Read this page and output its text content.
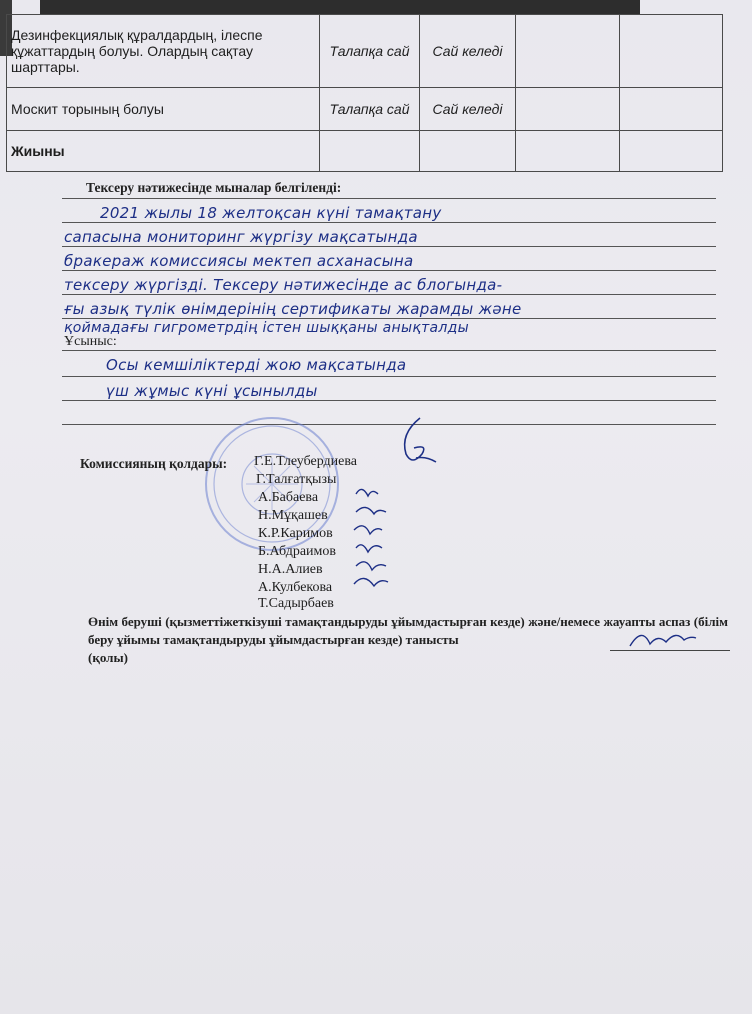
Дезинфекциялық құралдардың, ілеспе құжаттардың болуы. Олардың сақтау шарттары.	Талапқа сай	Сай келеді		
Москит торының болуы	Талапқа сай	Сай келеді		
Жиыны				
Тексеру нәтижесінде мыналар белгіленді:
2021 жылы 18 желтоқсан күні тамақтану
сапасына мониторинг жүргізу мақсатында
бракераж комиссиясы мектеп асханасына
тексеру жүргізді. Тексеру нәтижесінде ас блогында-
ғы азық түлік өнімдерінің сертификаты жарамды және
қоймадағы гигрометрдің істен шыққаны анықталды
Ұсыныс:
Осы кемшіліктерді жою мақсатында
үш жұмыс күні ұсынылды
Комиссияның қолдары: Г.Е.Тлеубердиева
Г.Талғатқызы
А.Бабаева
Н.Мұқашев
К.Р.Каримов
Б.Абдраимов
Н.А.Алиев
А.Кулбекова
Т.Садырбаев
Өнім беруші (қызметтіжеткізуші тамақтандыруды ұйымдастырған кезде) және/немесе жауапты аспаз (білім беру ұйымы тамақтандыруды ұйымдастырған кезде) танысты
(қолы)
